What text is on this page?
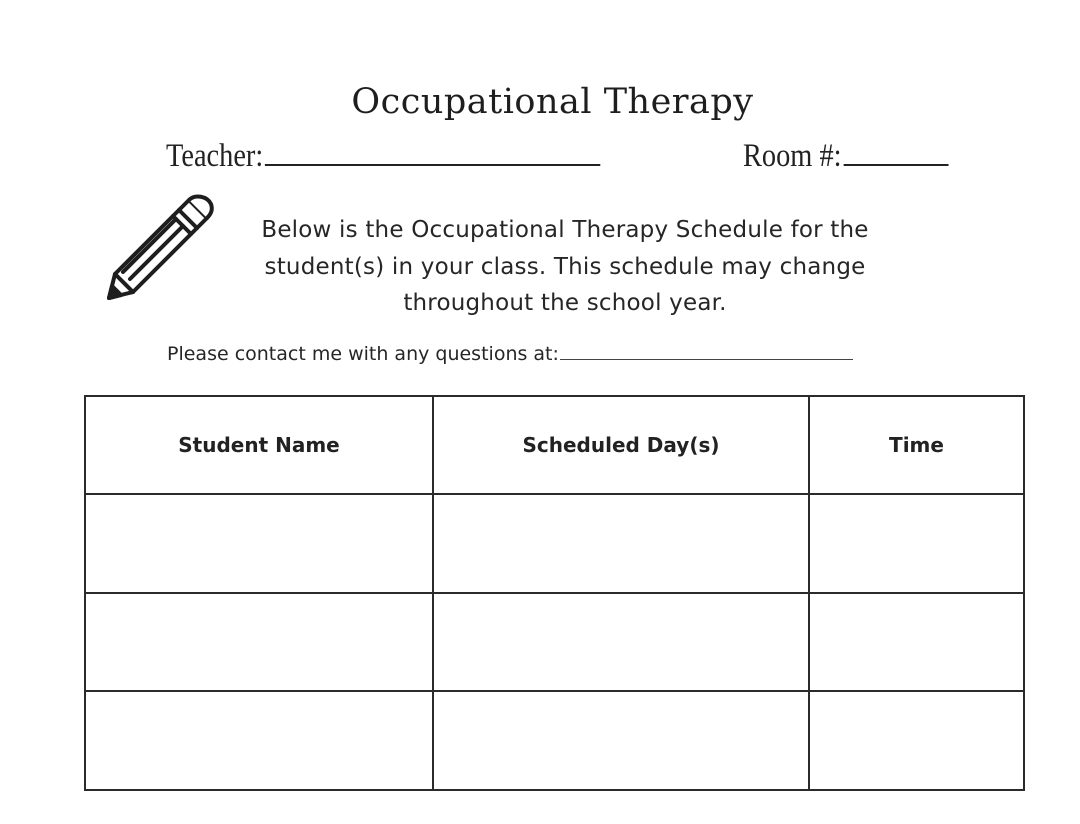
Occupational Therapy
Teacher:	Room #:
Below is the Occupational Therapy Schedule for the
student(s) in your class. This schedule may change
throughout the school year.
Please contact me with any questions at:
Student Name	Scheduled Day(s)	Time
